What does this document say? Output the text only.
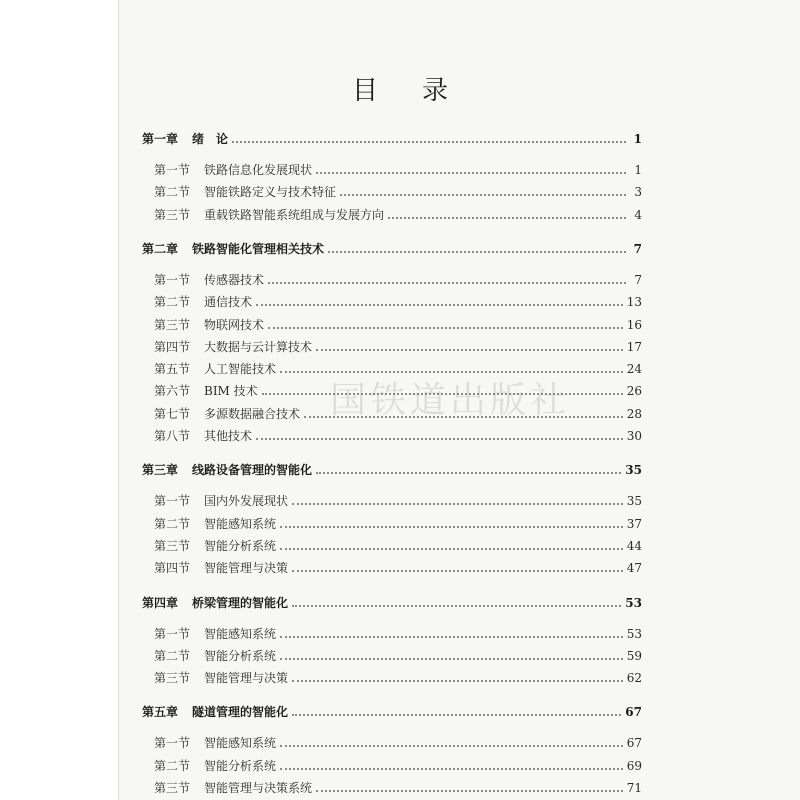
目录
国铁道出版社
第一章	绪　论	1
第一节	铁路信息化发展现状	1
第二节	智能铁路定义与技术特征	3
第三节	重载铁路智能系统组成与发展方向	4
第二章	铁路智能化管理相关技术	7
第一节	传感器技术	7
第二节	通信技术	13
第三节	物联网技术	16
第四节	大数据与云计算技术	17
第五节	人工智能技术	24
第六节	BIM 技术	26
第七节	多源数据融合技术	28
第八节	其他技术	30
第三章	线路设备管理的智能化	35
第一节	国内外发展现状	35
第二节	智能感知系统	37
第三节	智能分析系统	44
第四节	智能管理与决策	47
第四章	桥梁管理的智能化	53
第一节	智能感知系统	53
第二节	智能分析系统	59
第三节	智能管理与决策	62
第五章	隧道管理的智能化	67
第一节	智能感知系统	67
第二节	智能分析系统	69
第三节	智能管理与决策系统	71
